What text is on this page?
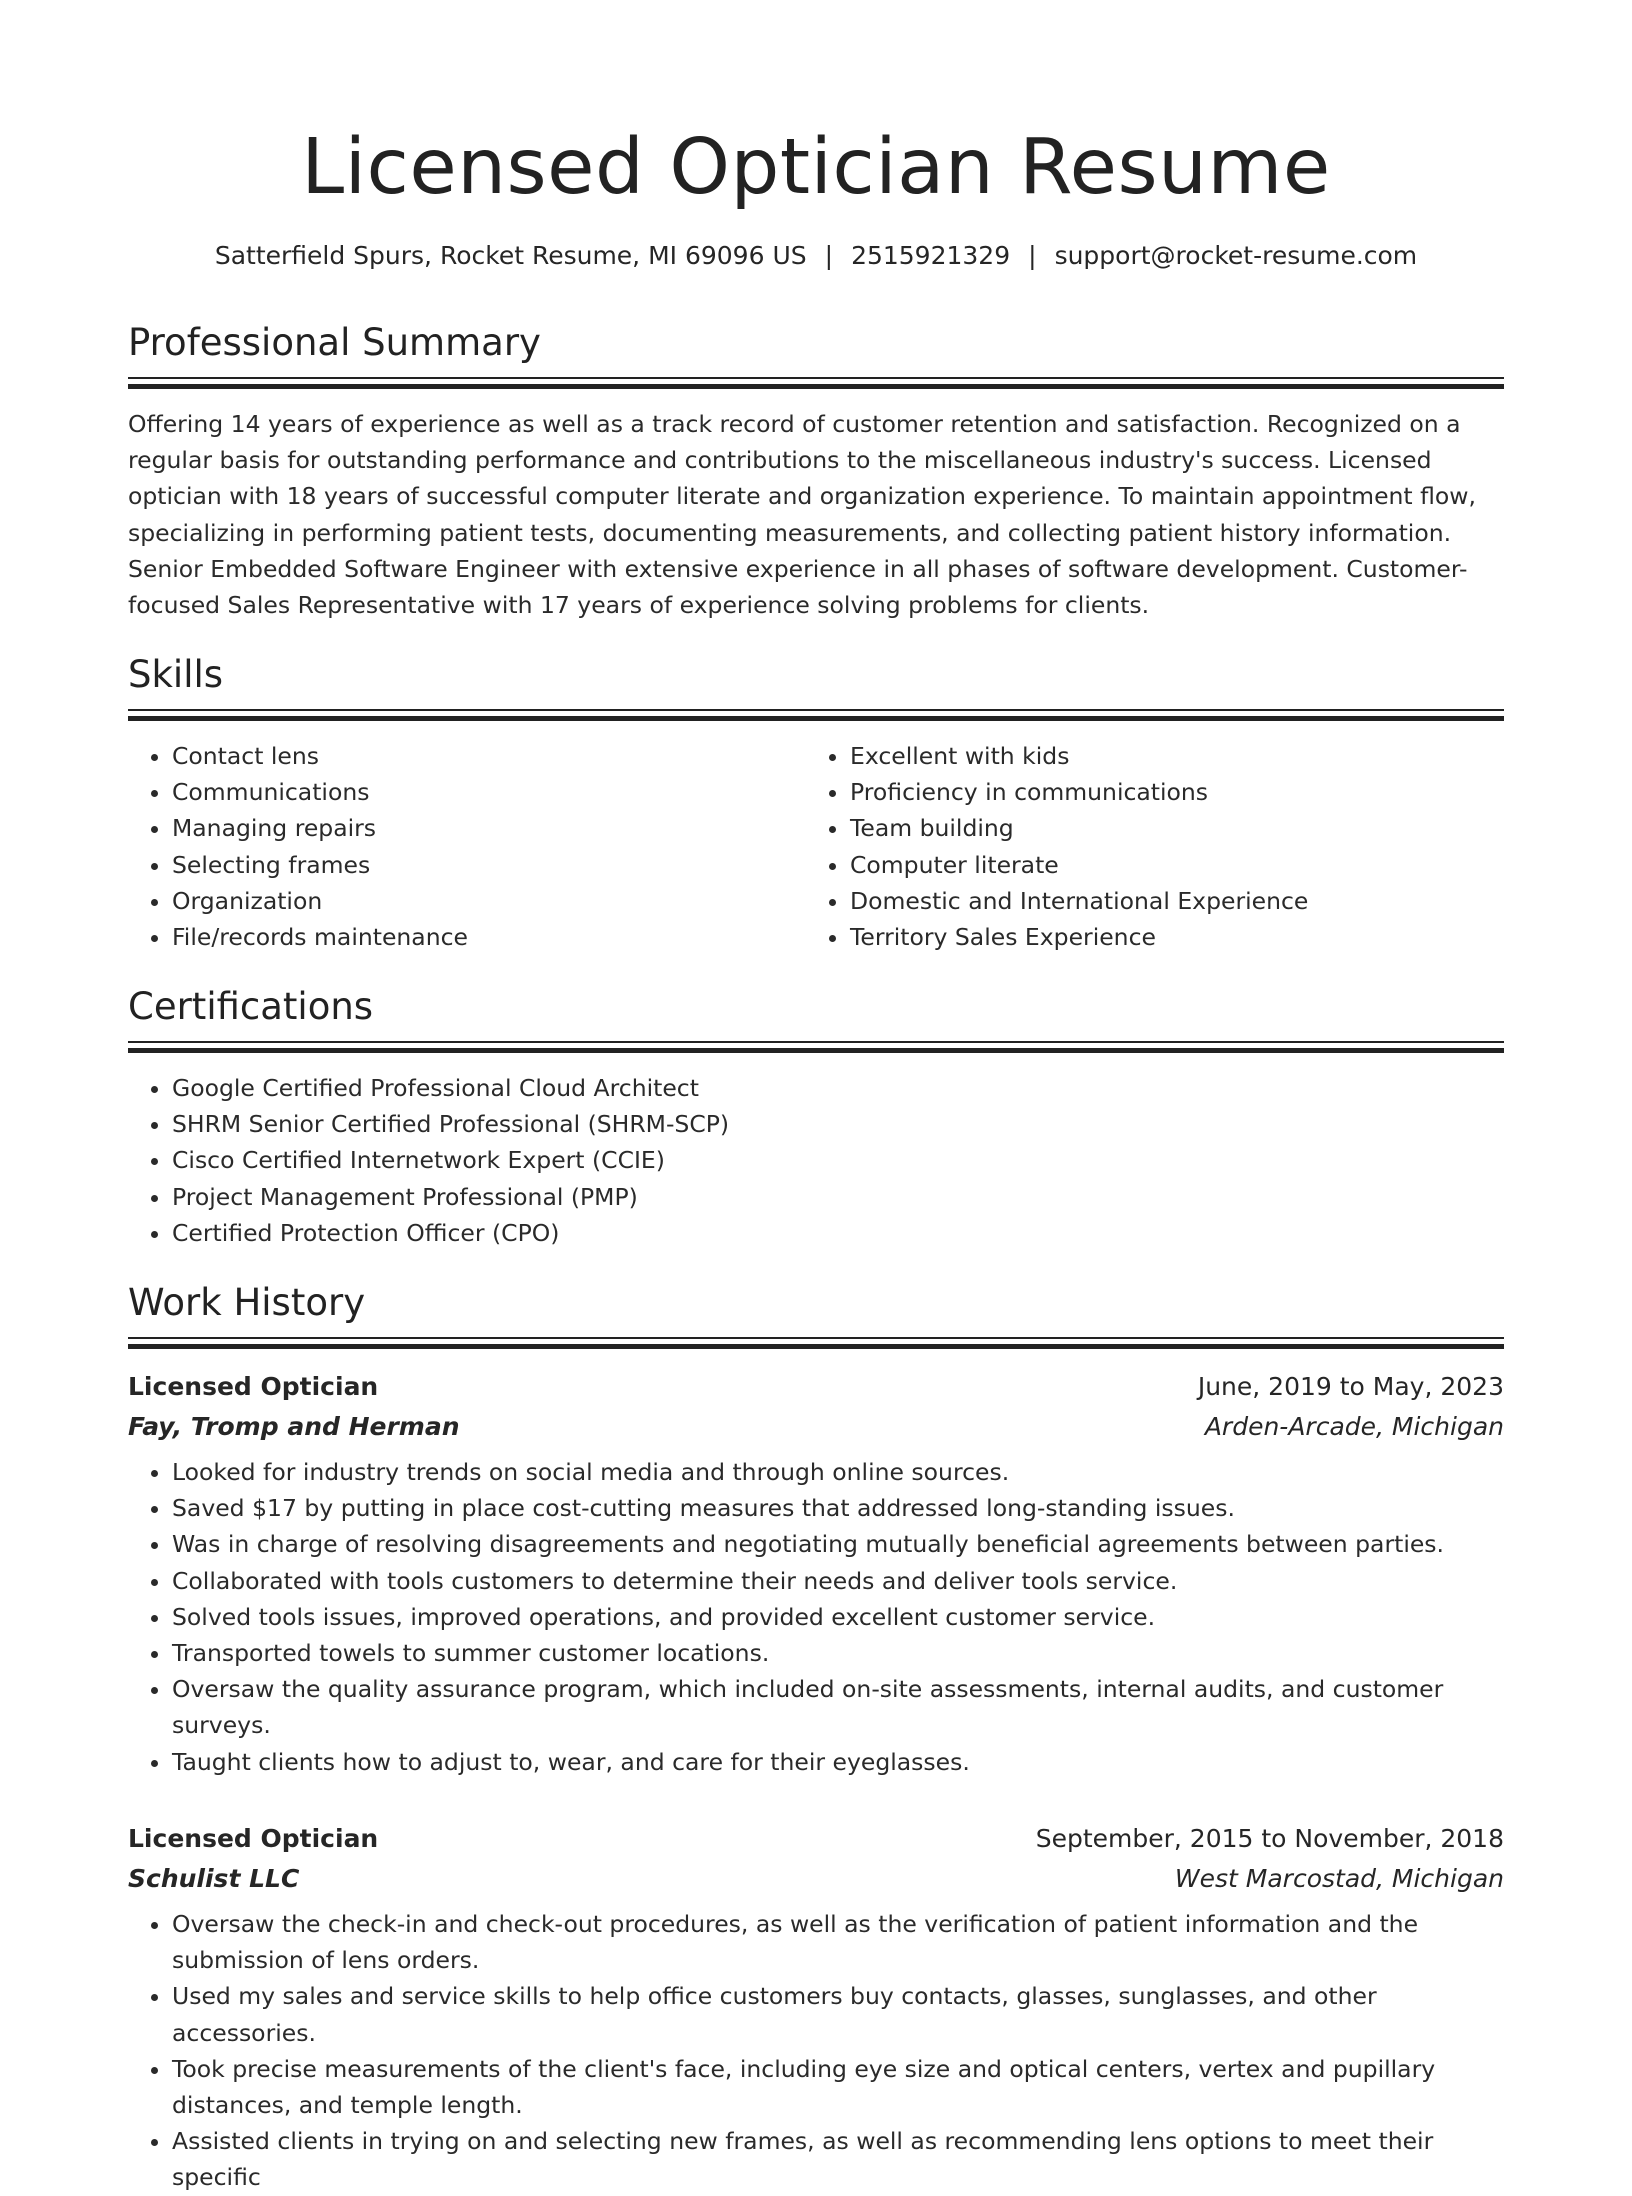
Licensed Optician Resume
Satterfield Spurs, Rocket Resume, MI 69096 US | 2515921329 | support@rocket-resume.com
Professional Summary

Offering 14 years of experience as well as a track record of customer retention and satisfaction. Recognized on a regular basis for outstanding performance and contributions to the miscellaneous industry's success. Licensed optician with 18 years of successful computer literate and organization experience. To maintain appointment flow, specializing in performing patient tests, documenting measurements, and collecting patient history information. Senior Embedded Software Engineer with extensive experience in all phases of software development. Customer-focused Sales Representative with 17 years of experience solving problems for clients.

Skills
• Contact lens
• Communications
• Managing repairs
• Selecting frames
• Organization
• File/records maintenance
• Excellent with kids
• Proficiency in communications
• Team building
• Computer literate
• Domestic and International Experience
• Territory Sales Experience
Certifications
• Google Certified Professional Cloud Architect
• SHRM Senior Certified Professional (SHRM-SCP)
• Cisco Certified Internetwork Expert (CCIE)
• Project Management Professional (PMP)
• Certified Protection Officer (CPO)
Work History
Licensed Optician	June, 2019 to May, 2023
Fay, Tromp and Herman	Arden-Arcade, Michigan
• Looked for industry trends on social media and through online sources.
• Saved $17 by putting in place cost-cutting measures that addressed long-standing issues.
• Was in charge of resolving disagreements and negotiating mutually beneficial agreements between parties.
• Collaborated with tools customers to determine their needs and deliver tools service.
• Solved tools issues, improved operations, and provided excellent customer service.
• Transported towels to summer customer locations.
• Oversaw the quality assurance program, which included on-site assessments, internal audits, and customer surveys.
• Taught clients how to adjust to, wear, and care for their eyeglasses.
Licensed Optician	September, 2015 to November, 2018
Schulist LLC	West Marcostad, Michigan
• Oversaw the check-in and check-out procedures, as well as the verification of patient information and the submission of lens orders.
• Used my sales and service skills to help office customers buy contacts, glasses, sunglasses, and other accessories.
• Took precise measurements of the client's face, including eye size and optical centers, vertex and pupillary distances, and temple length.
• Assisted clients in trying on and selecting new frames, as well as recommending lens options to meet their specific
